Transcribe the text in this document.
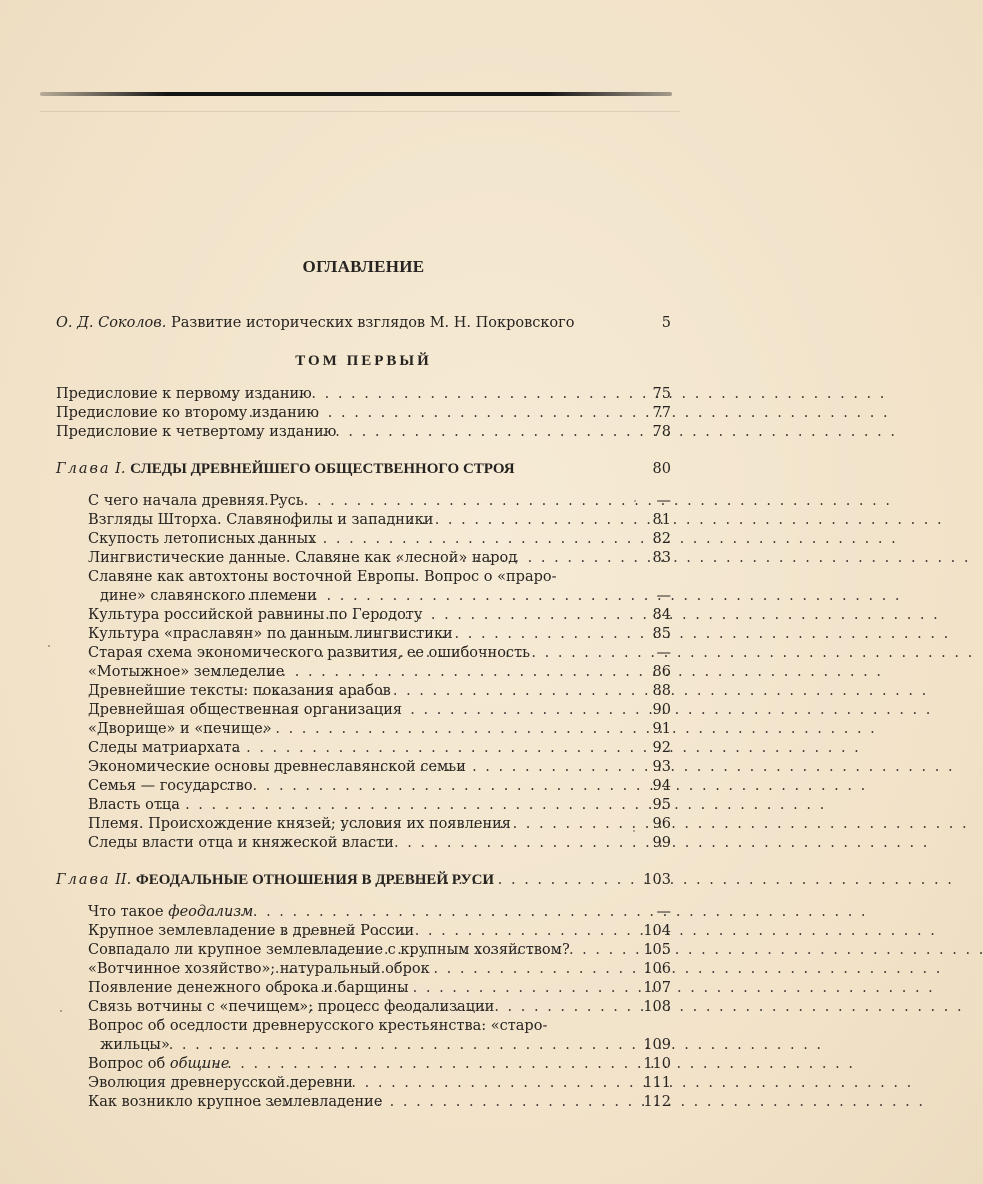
ОГЛАВЛЕНИЕ
О. Д. Соколов. Развитие исторических взглядов М. Н. Покровского	5
ТОМ ПЕРВЫЙ
Предисловие к первому изданию . . .	75
Предисловие ко второму изданию . . .	77
Предисловие к четвертому изданию . . .	78
Глава I. СЛЕДЫ ДРЕВНЕЙШЕГО ОБЩЕСТВЕННОГО СТРОЯ	80
С чего начала древняя Русь . . .	—
Взгляды Шторха. Славянофилы и западники . . .	81
Скупость летописных данных . . .	82
Лингвистические данные. Славяне как «лесной» народ . . .	83
Славяне как автохтоны восточной Европы. Вопрос о «праро-
дине» славянского племени . . .	—
Культура российской равнины по Геродоту . . .	84
Культура «праславян» по данным лингвистики . . .	85
Старая схема экономического развития, ее ошибочность . . .	—
«Мотыжное» земледелие . . .	86
Древнейшие тексты: показания арабов . . .	88
Древнейшая общественная организация . . .	90
«Дворище» и «печище» . . .	91
Следы матриархата . . .	92
Экономические основы древнеславянской семьи . . .	93
Семья — государство . . .	94
Власть отца . . .	95
Племя. Происхождение князей; условия их появления . . .	96
Следы власти отца и княжеской власти . . .	99
Глава II. ФЕОДАЛЬНЫЕ ОТНОШЕНИЯ В ДРЕВНЕЙ РУСИ . . .	103
Что такое феодализм . . .	—
Крупное землевладение в древней России . . .	104
Совпадало ли крупное землевладение с крупным хозяйством? . . .	105
«Вотчинное хозяйство»; натуральный оброк . . .	106
Появление денежного оброка и барщины . . .	107
Связь вотчины с «печищем»; процесс феодализации . . .	108
Вопрос об оседлости древнерусского крестьянства: «старо-
жильцы» . . .	109
Вопрос об общине . . .	110
Эволюция древнерусской деревни . . .	111
Как возникло крупное землевладение . . .	112
